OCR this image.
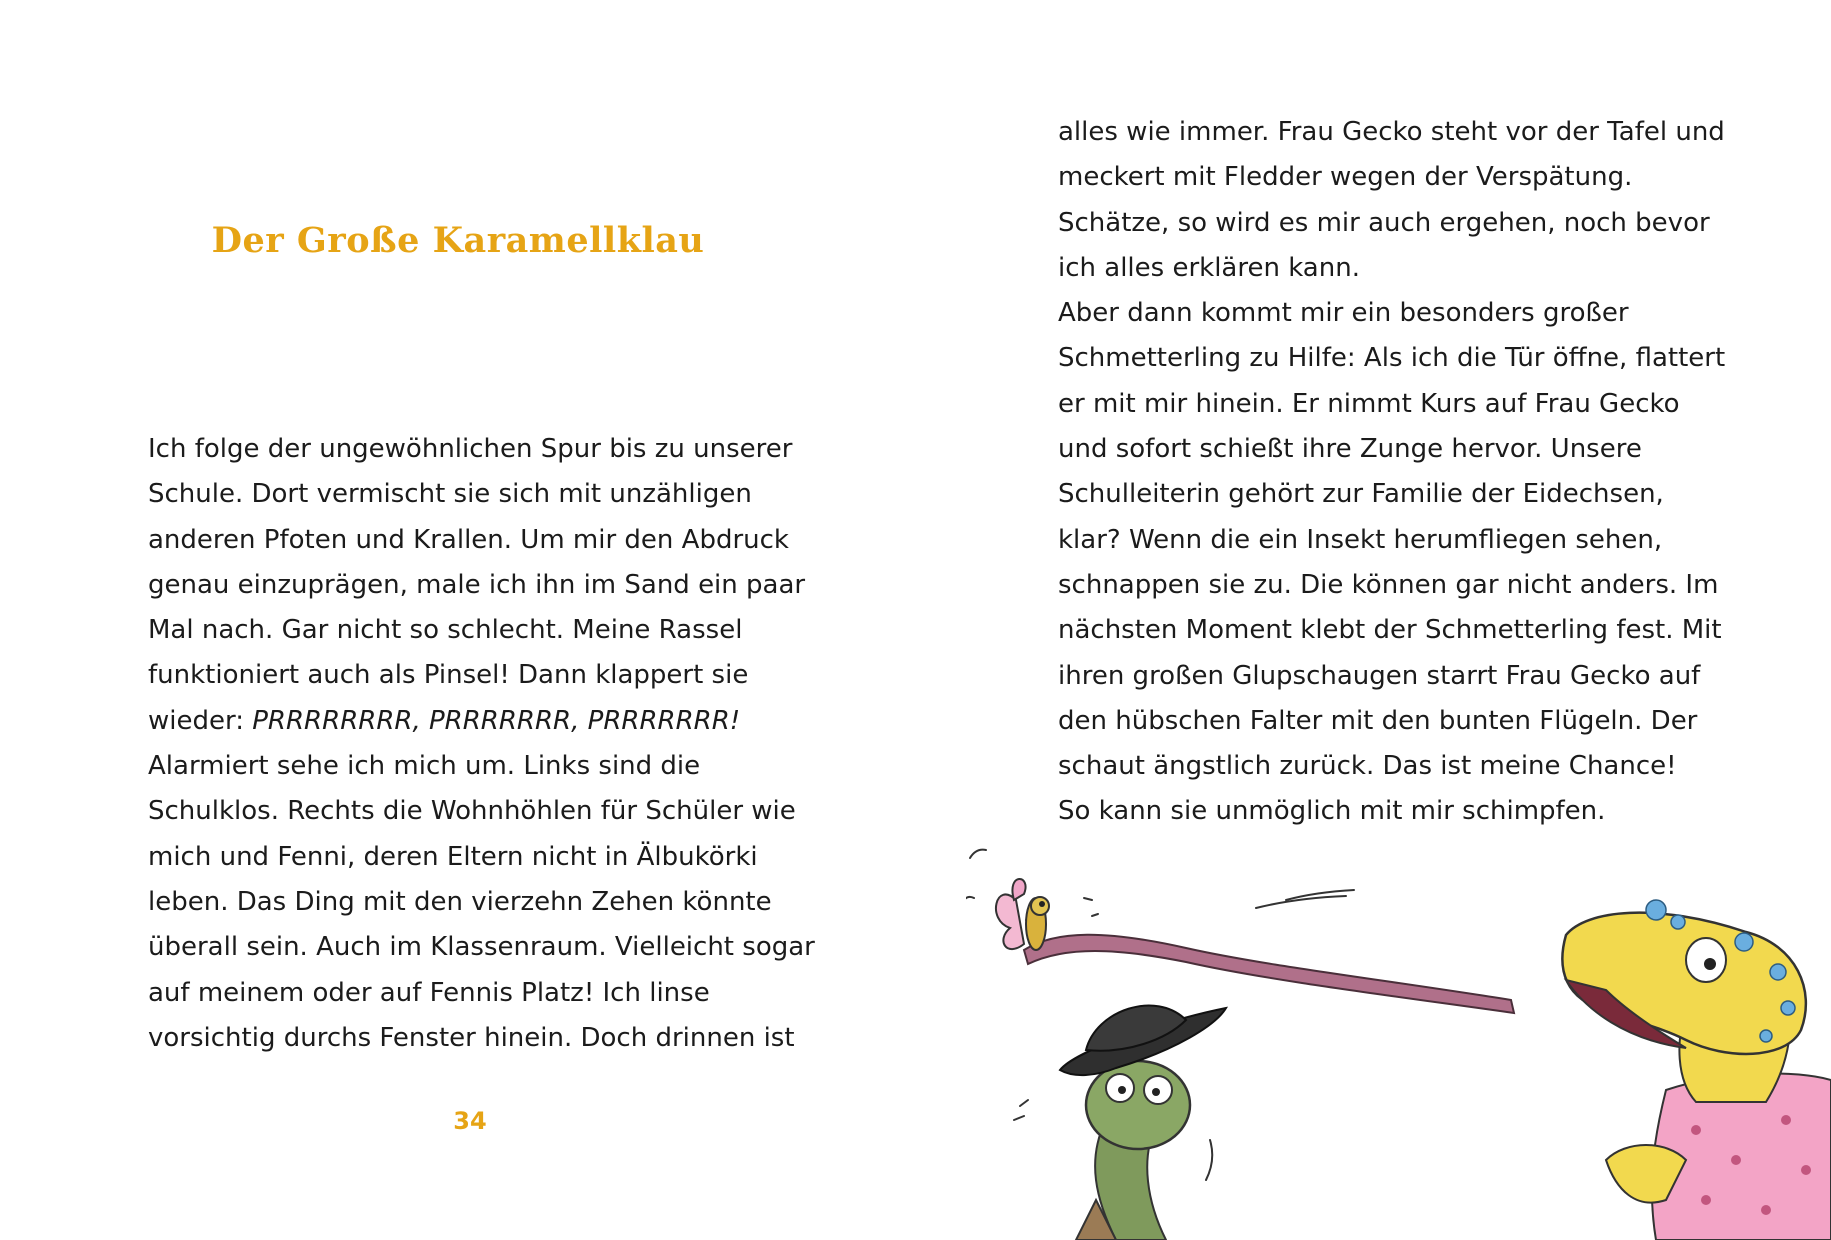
Der Große Karamellklau
Ich folge der ungewöhnlichen Spur bis zu unserer
Schule. Dort vermischt sie sich mit unzähligen
anderen Pfoten und Krallen. Um mir den Abdruck
genau einzuprägen, male ich ihn im Sand ein paar
Mal nach. Gar nicht so schlecht. Meine Rassel
funktioniert auch als Pinsel! Dann klappert sie
wieder: PRRRRRRRR, PRRRRRRR, PRRRRRRR!
Alarmiert sehe ich mich um. Links sind die
Schulklos. Rechts die Wohnhöhlen für Schüler wie
mich und Fenni, deren Eltern nicht in Älbukörki
leben. Das Ding mit den vierzehn Zehen könnte
überall sein. Auch im Klassenraum. Vielleicht sogar
auf meinem oder auf Fennis Platz! Ich linse
vorsichtig durchs Fenster hinein. Doch drinnen ist
34
alles wie immer. Frau Gecko steht vor der Tafel und
meckert mit Fledder wegen der Verspätung.
Schätze, so wird es mir auch ergehen, noch bevor
ich alles erklären kann.
Aber dann kommt mir ein besonders großer
Schmetterling zu Hilfe: Als ich die Tür öffne, flattert
er mit mir hinein. Er nimmt Kurs auf Frau Gecko
und sofort schießt ihre Zunge hervor. Unsere
Schulleiterin gehört zur Familie der Eidechsen,
klar? Wenn die ein Insekt herumfliegen sehen,
schnappen sie zu. Die können gar nicht anders. Im
nächsten Moment klebt der Schmetterling fest. Mit
ihren großen Glupschaugen starrt Frau Gecko auf
den hübschen Falter mit den bunten Flügeln. Der
schaut ängstlich zurück. Das ist meine Chance!
So kann sie unmöglich mit mir schimpfen.
